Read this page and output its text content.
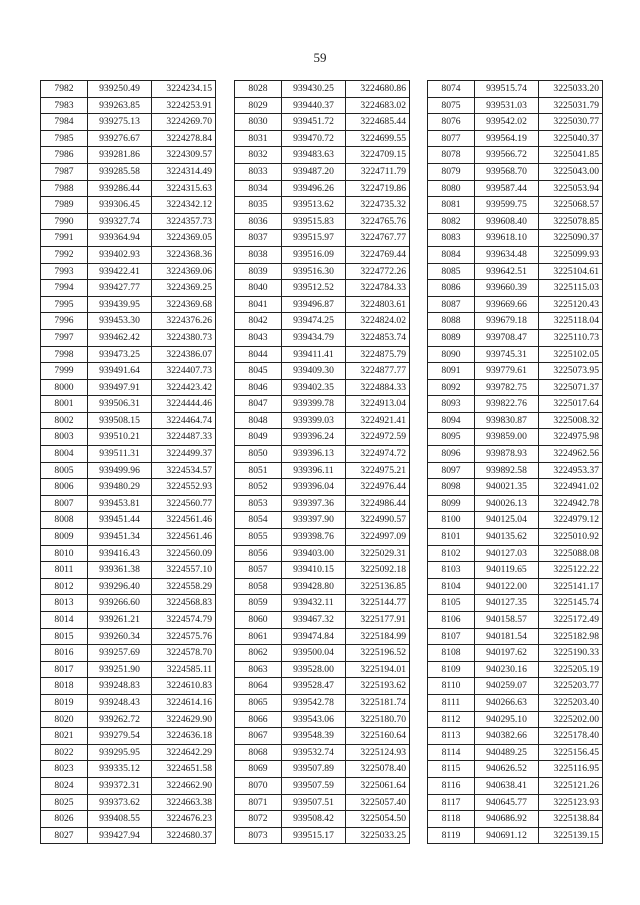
59
7982	939250.49	3224234.15
7983	939263.85	3224253.91
7984	939275.13	3224269.70
7985	939276.67	3224278.84
7986	939281.86	3224309.57
7987	939285.58	3224314.49
7988	939286.44	3224315.63
7989	939306.45	3224342.12
7990	939327.74	3224357.73
7991	939364.94	3224369.05
7992	939402.93	3224368.36
7993	939422.41	3224369.06
7994	939427.77	3224369.25
7995	939439.95	3224369.68
7996	939453.30	3224376.26
7997	939462.42	3224380.73
7998	939473.25	3224386.07
7999	939491.64	3224407.73
8000	939497.91	3224423.42
8001	939506.31	3224444.46
8002	939508.15	3224464.74
8003	939510.21	3224487.33
8004	939511.31	3224499.37
8005	939499.96	3224534.57
8006	939480.29	3224552.93
8007	939453.81	3224560.77
8008	939451.44	3224561.46
8009	939451.34	3224561.46
8010	939416.43	3224560.09
8011	939361.38	3224557.10
8012	939296.40	3224558.29
8013	939266.60	3224568.83
8014	939261.21	3224574.79
8015	939260.34	3224575.76
8016	939257.69	3224578.70
8017	939251.90	3224585.11
8018	939248.83	3224610.83
8019	939248.43	3224614.16
8020	939262.72	3224629.90
8021	939279.54	3224636.18
8022	939295.95	3224642.29
8023	939335.12	3224651.58
8024	939372.31	3224662.90
8025	939373.62	3224663.38
8026	939408.55	3224676.23
8027	939427.94	3224680.37
8028	939430.25	3224680.86
8029	939440.37	3224683.02
8030	939451.72	3224685.44
8031	939470.72	3224699.55
8032	939483.63	3224709.15
8033	939487.20	3224711.79
8034	939496.26	3224719.86
8035	939513.62	3224735.32
8036	939515.83	3224765.76
8037	939515.97	3224767.77
8038	939516.09	3224769.44
8039	939516.30	3224772.26
8040	939512.52	3224784.33
8041	939496.87	3224803.61
8042	939474.25	3224824.02
8043	939434.79	3224853.74
8044	939411.41	3224875.79
8045	939409.30	3224877.77
8046	939402.35	3224884.33
8047	939399.78	3224913.04
8048	939399.03	3224921.41
8049	939396.24	3224972.59
8050	939396.13	3224974.72
8051	939396.11	3224975.21
8052	939396.04	3224976.44
8053	939397.36	3224986.44
8054	939397.90	3224990.57
8055	939398.76	3224997.09
8056	939403.00	3225029.31
8057	939410.15	3225092.18
8058	939428.80	3225136.85
8059	939432.11	3225144.77
8060	939467.32	3225177.91
8061	939474.84	3225184.99
8062	939500.04	3225196.52
8063	939528.00	3225194.01
8064	939528.47	3225193.62
8065	939542.78	3225181.74
8066	939543.06	3225180.70
8067	939548.39	3225160.64
8068	939532.74	3225124.93
8069	939507.89	3225078.40
8070	939507.59	3225061.64
8071	939507.51	3225057.40
8072	939508.42	3225054.50
8073	939515.17	3225033.25
8074	939515.74	3225033.20
8075	939531.03	3225031.79
8076	939542.02	3225030.77
8077	939564.19	3225040.37
8078	939566.72	3225041.85
8079	939568.70	3225043.00
8080	939587.44	3225053.94
8081	939599.75	3225068.57
8082	939608.40	3225078.85
8083	939618.10	3225090.37
8084	939634.48	3225099.93
8085	939642.51	3225104.61
8086	939660.39	3225115.03
8087	939669.66	3225120.43
8088	939679.18	3225118.04
8089	939708.47	3225110.73
8090	939745.31	3225102.05
8091	939779.61	3225073.95
8092	939782.75	3225071.37
8093	939822.76	3225017.64
8094	939830.87	3225008.32
8095	939859.00	3224975.98
8096	939878.93	3224962.56
8097	939892.58	3224953.37
8098	940021.35	3224941.02
8099	940026.13	3224942.78
8100	940125.04	3224979.12
8101	940135.62	3225010.92
8102	940127.03	3225088.08
8103	940119.65	3225122.22
8104	940122.00	3225141.17
8105	940127.35	3225145.74
8106	940158.57	3225172.49
8107	940181.54	3225182.98
8108	940197.62	3225190.33
8109	940230.16	3225205.19
8110	940259.07	3225203.77
8111	940266.63	3225203.40
8112	940295.10	3225202.00
8113	940382.66	3225178.40
8114	940489.25	3225156.45
8115	940626.52	3225116.95
8116	940638.41	3225121.26
8117	940645.77	3225123.93
8118	940686.92	3225138.84
8119	940691.12	3225139.15
